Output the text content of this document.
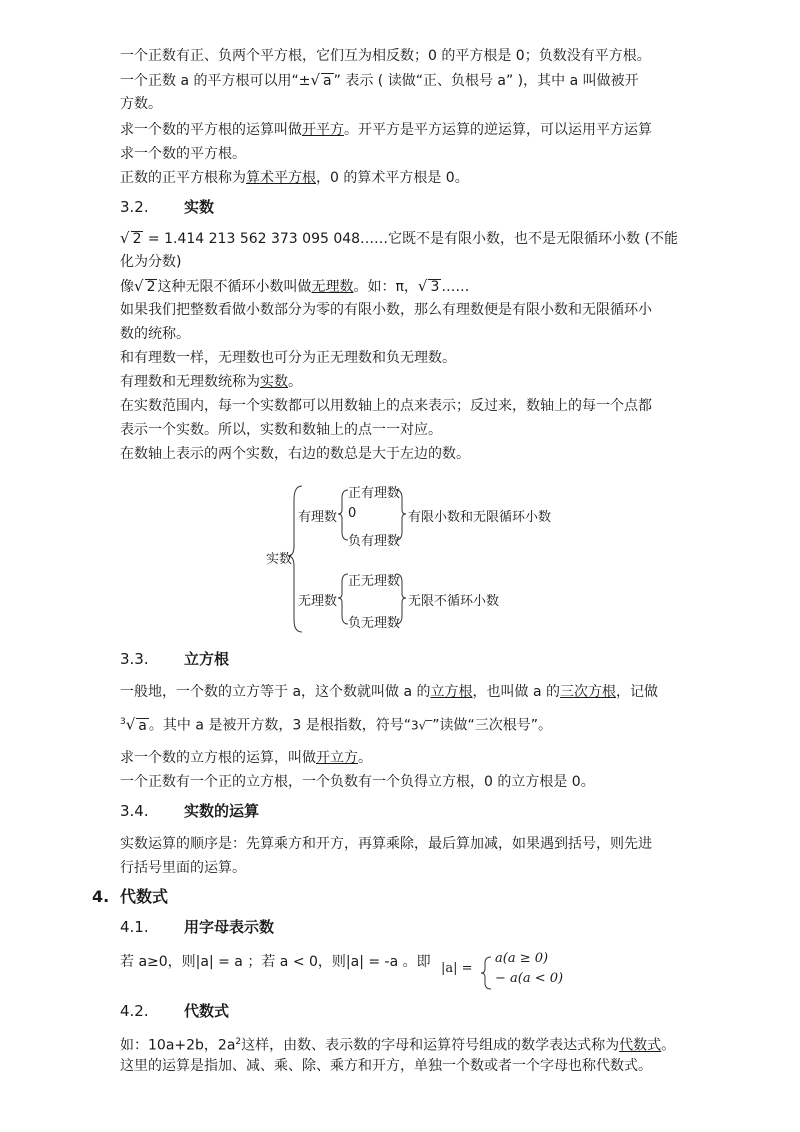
一个正数有正、负两个平方根，它们互为相反数；0 的平方根是 0；负数没有平方根。
一个正数 a 的平方根可以用“±√ a ” 表示 ( 读做“正、负根号 a” )，其中 a 叫做被开
方数。
求一个数的平方根的运算叫做开平方。开平方是平方运算的逆运算，可以运用平方运算
求一个数的平方根。
正数的正平方根称为算术平方根，0 的算术平方根是 0。
3.2. 实数
√ 2 = 1.414 213 562 373 095 048……它既不是有限小数，也不是无限循环小数 (不能
化为分数)
像√ 2 这种无限不循环小数叫做无理数。如：π，√ 3 ……
如果我们把整数看做小数部分为零的有限小数，那么有理数便是有限小数和无限循环小
数的统称。
和有理数一样，无理数也可分为正无理数和负无理数。
有理数和无理数统称为实数。
在实数范围内，每一个实数都可以用数轴上的点来表示；反过来，数轴上的每一个点都
表示一个实数。所以，实数和数轴上的点一一对应。
在数轴上表示的两个实数，右边的数总是大于左边的数。
实数
有理数
正有理数
0
负有理数
有限小数和无限循环小数
无理数
正无理数
负无理数
无限不循环小数
3.3. 立方根
一般地，一个数的立方等于 a，这个数就叫做 a 的立方根，也叫做 a 的三次方根，记做
$^3$√ a 。其中 a 是被开方数，3 是根指数，符号“3√‾”读做“三次根号”。
求一个数的立方根的运算，叫做开立方。
一个正数有一个正的立方根，一个负数有一个负得立方根，0 的立方根是 0。
3.4. 实数的运算
实数运算的顺序是：先算乘方和开方，再算乘除，最后算加减，如果遇到括号，则先进
行括号里面的运算。
4. 代数式
4.1. 用字母表示数
若 a≥0，则|a| = a ；若 a < 0，则|a| = -a 。即 |a| =
a(a ≥ 0)
− a(a < 0)
4.2. 代数式
如：10a+2b，$2a^2$这样，由数、表示数的字母和运算符号组成的数学表达式称为代数式。
这里的运算是指加、减、乘、除、乘方和开方，单独一个数或者一个字母也称代数式。
